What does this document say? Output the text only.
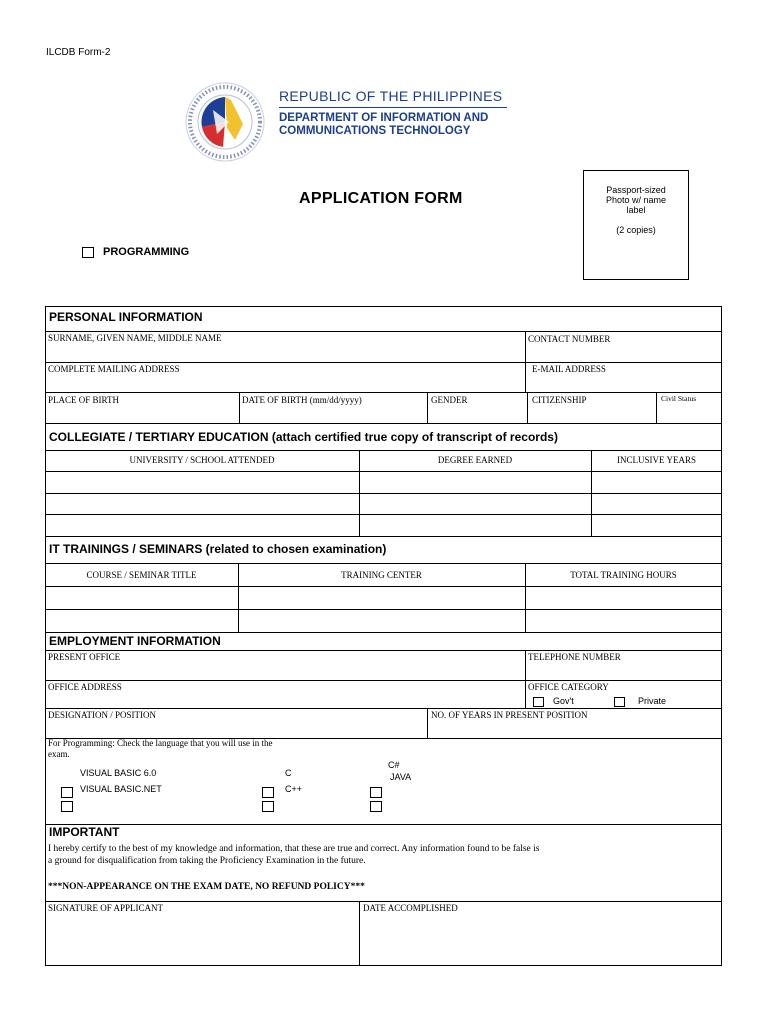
ILCDB Form-2
REPUBLIC OF THE PHILIPPINES
DEPARTMENT OF INFORMATION AND
COMMUNICATIONS TECHNOLOGY
APPLICATION FORM	Passport-sized
Photo w/ name
label
(2 copies)
PROGRAMMING
PERSONAL INFORMATION
SURNAME, GIVEN NAME, MIDDLE NAME	CONTACT NUMBER
COMPLETE MAILING ADDRESS	E-MAIL ADDRESS
PLACE OF BIRTH	DATE OF BIRTH (mm/dd/yyyy)	GENDER	CITIZENSHIP	Civil Status
COLLEGIATE / TERTIARY EDUCATION (attach certified true copy of transcript of records)
UNIVERSITY / SCHOOL ATTENDED	DEGREE EARNED	INCLUSIVE YEARS
IT TRAININGS / SEMINARS (related to chosen examination)
COURSE / SEMINAR TITLE	TRAINING CENTER	TOTAL TRAINING HOURS
EMPLOYMENT INFORMATION
PRESENT OFFICE	TELEPHONE NUMBER
OFFICE ADDRESS	OFFICE CATEGORY
Gov't	Private
DESIGNATION / POSITION	NO. OF YEARS IN PRESENT POSITION
For Programming: Check the language that you will use in the
exam.
VISUAL BASIC 6.0
VISUAL BASIC.NET
C
C++
C#
JAVA
IMPORTANT
I hereby certify to the best of my knowledge and information, that these are true and correct. Any information found to be false is
a ground for disqualification from taking the Proficiency Examination in the future.
***NON-APPEARANCE ON THE EXAM DATE, NO REFUND POLICY***
SIGNATURE OF APPLICANT	DATE ACCOMPLISHED
